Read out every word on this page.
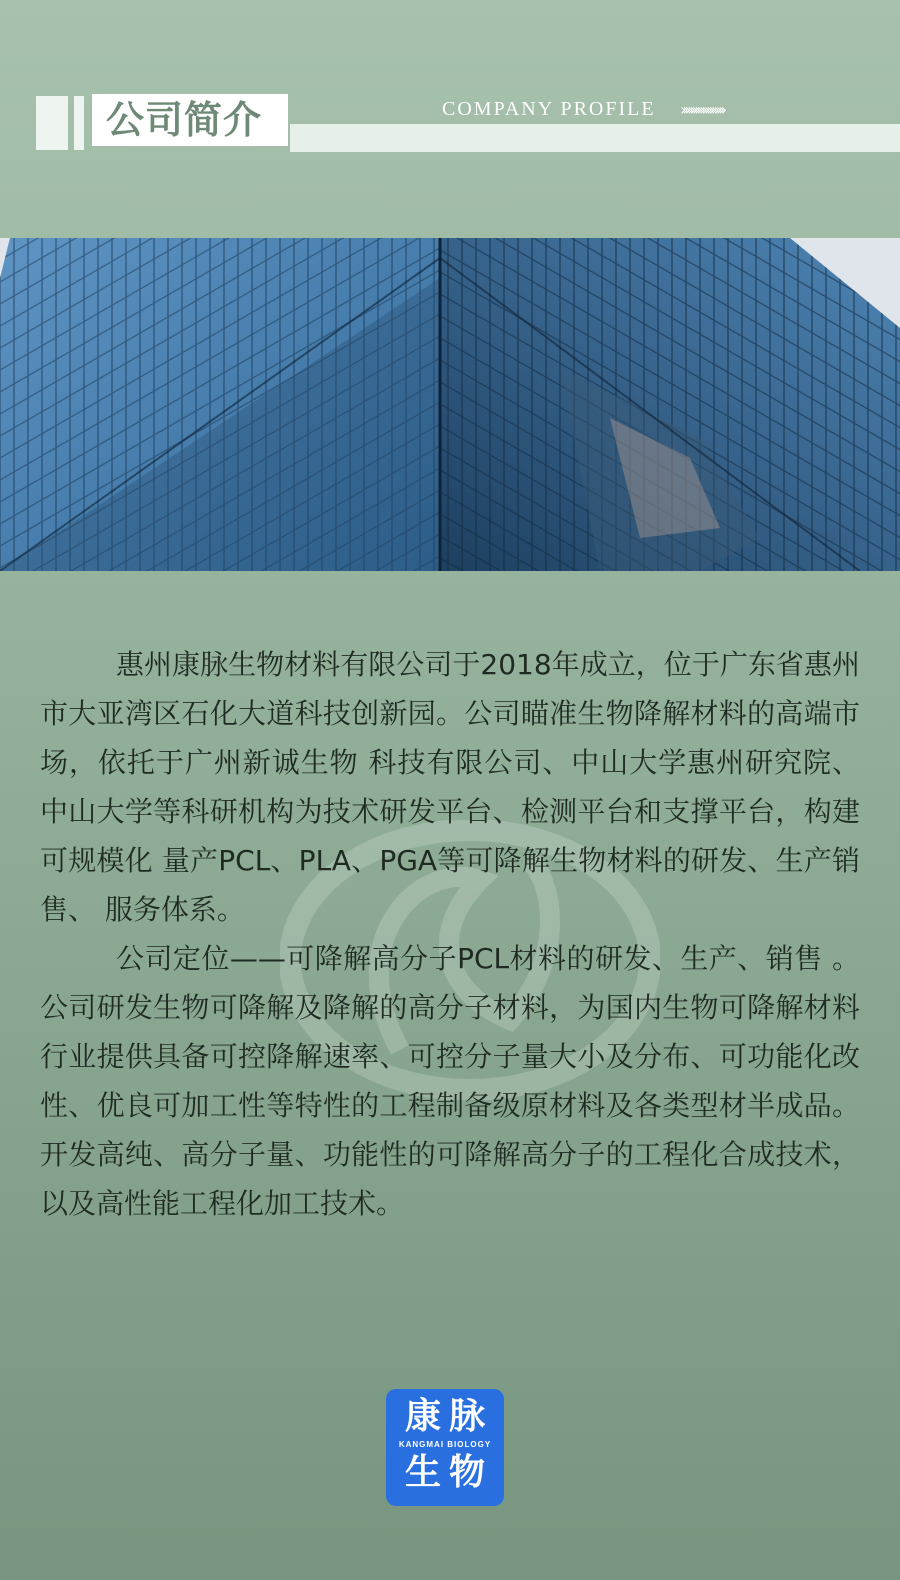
公司简介	COMPANY PROFILE ››››››››››››››››››

惠州康脉生物材料有限公司于2018年成立，位于广东省惠州市大亚湾区石化大道科技创新园。公司瞄准生物降解材料的高端市场，依托于广州新诚生物 科技有限公司、中山大学惠州研究院、中山大学等科研机构为技术研发平台、检测平台和支撑平台，构建可规模化 量产PCL、PLA、PGA等可降解生物材料的研发、生产销售、 服务体系。

公司定位——可降解高分子PCL材料的研发、生产、销售 。公司研发生物可降解及降解的高分子材料，为国内生物可降解材料行业提供具备可控降解速率、可控分子量大小及分布、可功能化改性、优良可加工性等特性的工程制备级原材料及各类型材半成品。开发高纯、高分子量、功能性的可降解高分子的工程化合成技术，以及高性能工程化加工技术。

康脉
KANGMAI BIOLOGY
生物
